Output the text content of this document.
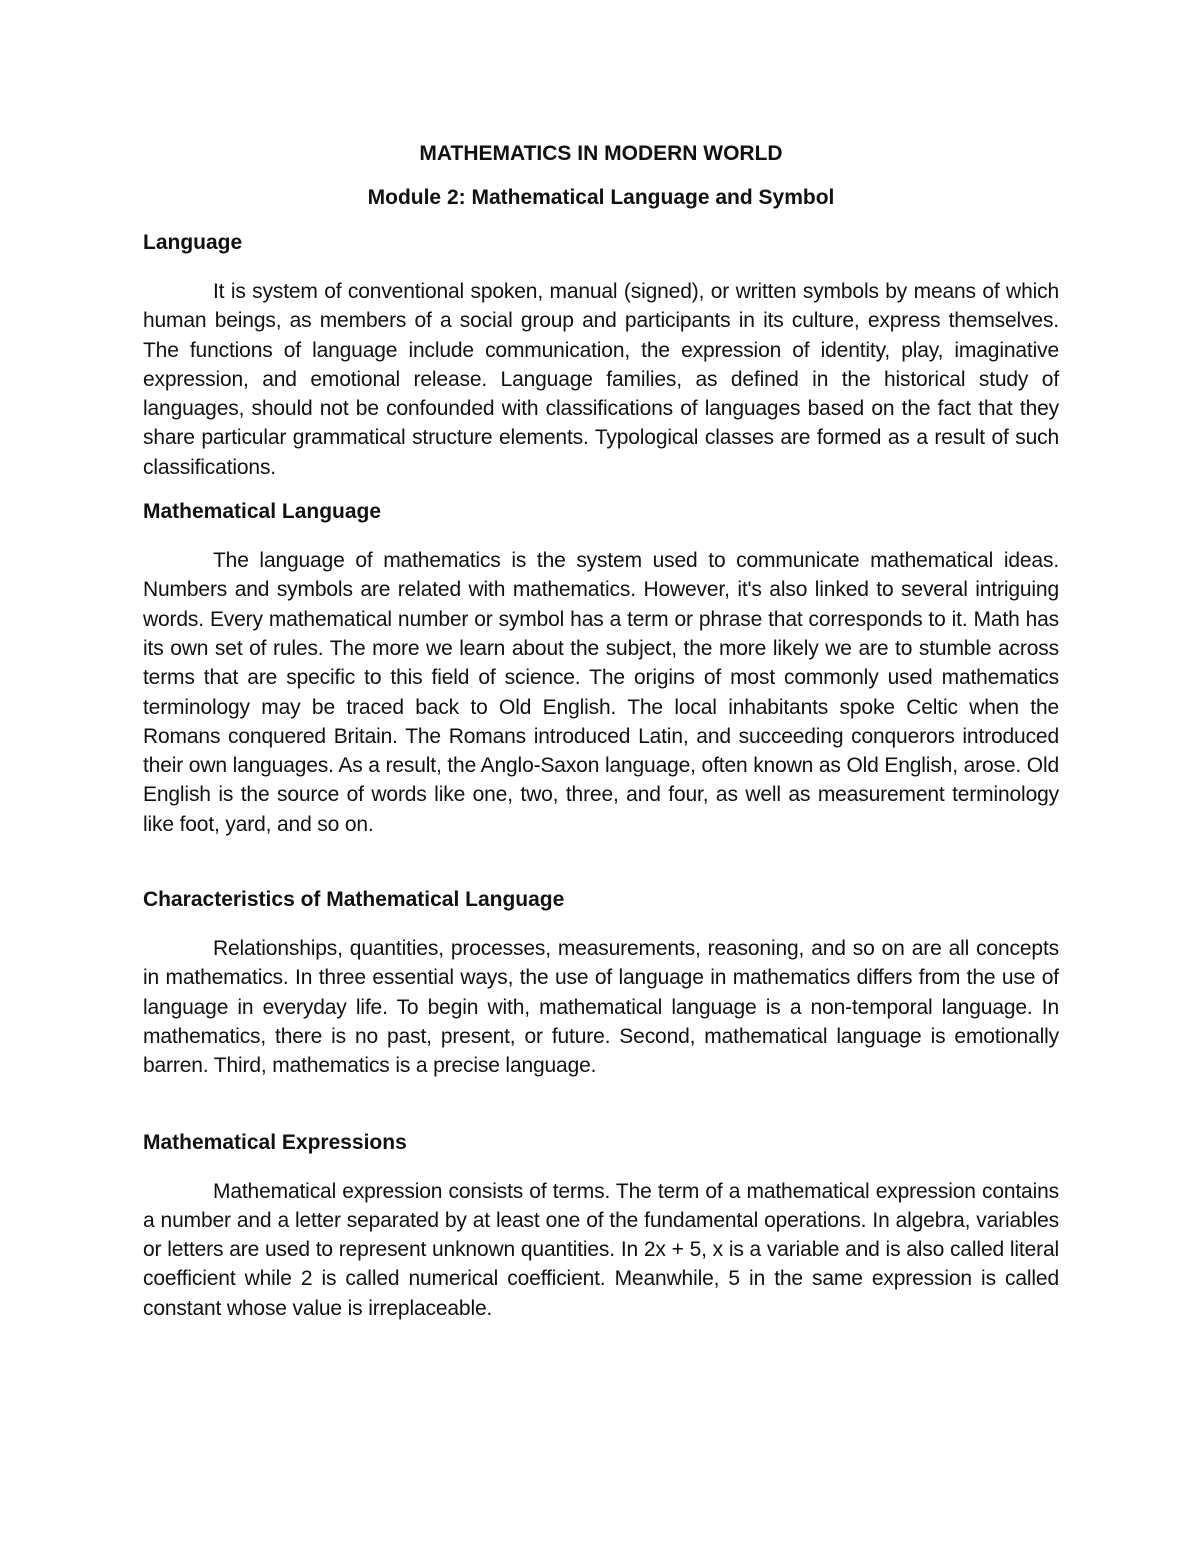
MATHEMATICS IN MODERN WORLD
Module 2: Mathematical Language and Symbol
Language

It is system of conventional spoken, manual (signed), or written symbols by means of which human beings, as members of a social group and participants in its culture, express themselves. The functions of language include communication, the expression of identity, play, imaginative expression, and emotional release. Language families, as defined in the historical study of languages, should not be confounded with classifications of languages based on the fact that they share particular grammatical structure elements. Typological classes are formed as a result of such classifications.

Mathematical Language

The language of mathematics is the system used to communicate mathematical ideas. Numbers and symbols are related with mathematics. However, it's also linked to several intriguing words. Every mathematical number or symbol has a term or phrase that corresponds to it. Math has its own set of rules. The more we learn about the subject, the more likely we are to stumble across terms that are specific to this field of science. The origins of most commonly used mathematics terminology may be traced back to Old English. The local inhabitants spoke Celtic when the Romans conquered Britain. The Romans introduced Latin, and succeeding conquerors introduced their own languages. As a result, the Anglo-Saxon language, often known as Old English, arose. Old English is the source of words like one, two, three, and four, as well as measurement terminology like foot, yard, and so on.

Characteristics of Mathematical Language

Relationships, quantities, processes, measurements, reasoning, and so on are all concepts in mathematics. In three essential ways, the use of language in mathematics differs from the use of language in everyday life. To begin with, mathematical language is a non-temporal language. In mathematics, there is no past, present, or future. Second, mathematical language is emotionally barren. Third, mathematics is a precise language.

Mathematical Expressions

Mathematical expression consists of terms. The term of a mathematical expression contains a number and a letter separated by at least one of the fundamental operations. In algebra, variables or letters are used to represent unknown quantities. In 2x + 5, x is a variable and is also called literal coefficient while 2 is called numerical coefficient. Meanwhile, 5 in the same expression is called constant whose value is irreplaceable.
